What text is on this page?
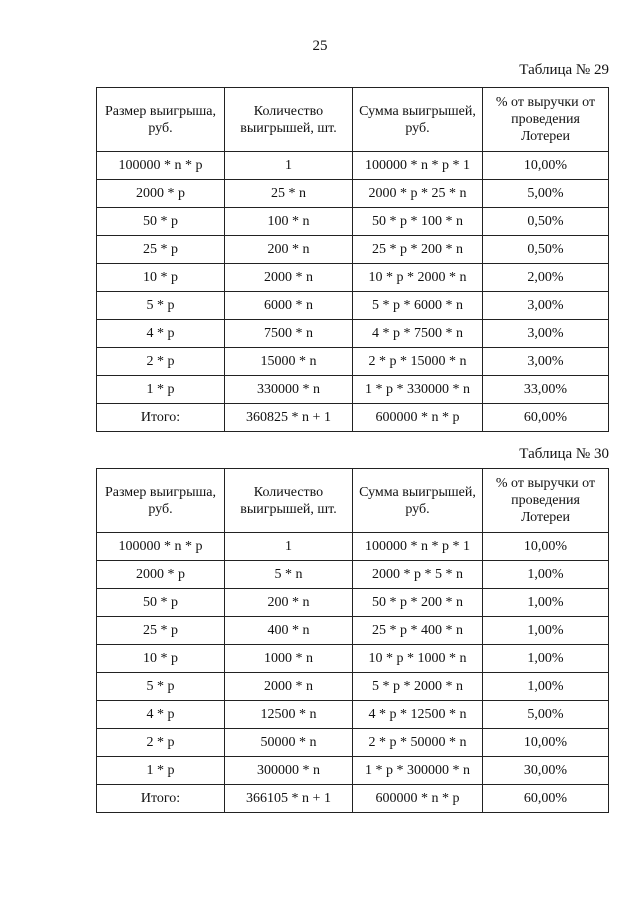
25
Таблица № 29
Размер выигрыша, руб.	Количество выигрышей, шт.	Сумма выигрышей, руб.	% от выручки от проведения Лотереи
100000 * n * p	1	100000 * n * p * 1	10,00%
2000 * p	25 * n	2000 * p * 25 * n	5,00%
50 * p	100 * n	50 * p * 100 * n	0,50%
25 * p	200 * n	25 * p * 200 * n	0,50%
10 * p	2000 * n	10 * p * 2000 * n	2,00%
5 * p	6000 * n	5 * p * 6000 * n	3,00%
4 * p	7500 * n	4 * p * 7500 * n	3,00%
2 * p	15000 * n	2 * p * 15000 * n	3,00%
1 * p	330000 * n	1 * p * 330000 * n	33,00%
Итого:	360825 * n + 1	600000 * n * p	60,00%
Таблица № 30
Размер выигрыша, руб.	Количество выигрышей, шт.	Сумма выигрышей, руб.	% от выручки от проведения Лотереи
100000 * n * p	1	100000 * n * p * 1	10,00%
2000 * p	5 * n	2000 * p * 5 * n	1,00%
50 * p	200 * n	50 * p * 200 * n	1,00%
25 * p	400 * n	25 * p * 400 * n	1,00%
10 * p	1000 * n	10 * p * 1000 * n	1,00%
5 * p	2000 * n	5 * p * 2000 * n	1,00%
4 * p	12500 * n	4 * p * 12500 * n	5,00%
2 * p	50000 * n	2 * p * 50000 * n	10,00%
1 * p	300000 * n	1 * p * 300000 * n	30,00%
Итого:	366105 * n + 1	600000 * n * p	60,00%
